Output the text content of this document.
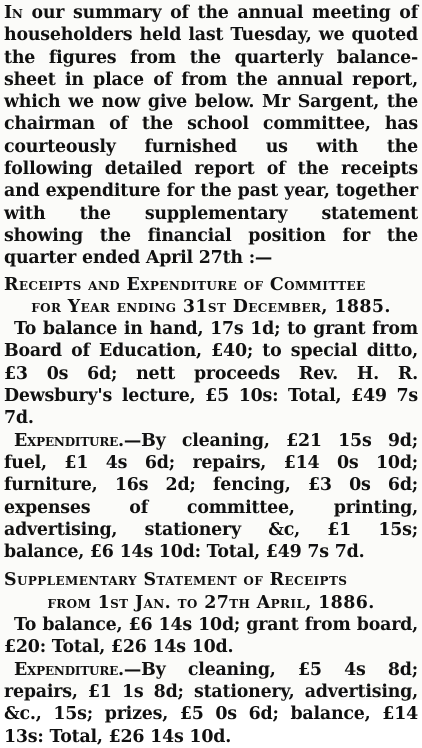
In our summary of the annual meeting of householders held last Tuesday, we quoted the figures from the quarterly balance-sheet in place of from the annual report, which we now give below. Mr Sargent, the chairman of the school committee, has courteously furnished us with the following detailed report of the receipts and expenditure for the past year, together with the supplementary statement showing the financial position for the quarter ended April 27th :—

Receipts and Expenditure of Committee
for Year ending 31st December, 1885.

To balance in hand, 17s 1d; to grant from Board of Education, £40; to special ditto, £3 0s 6d; nett proceeds Rev. H. R. Dewsbury's lecture, £5 10s: Total, £49 7s 7d.

Expenditure.—By cleaning, £21 15s 9d; fuel, £1 4s 6d; repairs, £14 0s 10d; furniture, 16s 2d; fencing, £3 0s 6d; expenses of committee, printing, advertising, stationery &c, £1 15s; balance, £6 14s 10d: Total, £49 7s 7d.

Supplementary Statement of Receipts
from 1st Jan. to 27th April, 1886.

To balance, £6 14s 10d; grant from board, £20: Total, £26 14s 10d.

Expenditure.—By cleaning, £5 4s 8d; repairs, £1 1s 8d; stationery, advertising, &c., 15s; prizes, £5 0s 6d; balance, £14 13s: Total, £26 14s 10d.
